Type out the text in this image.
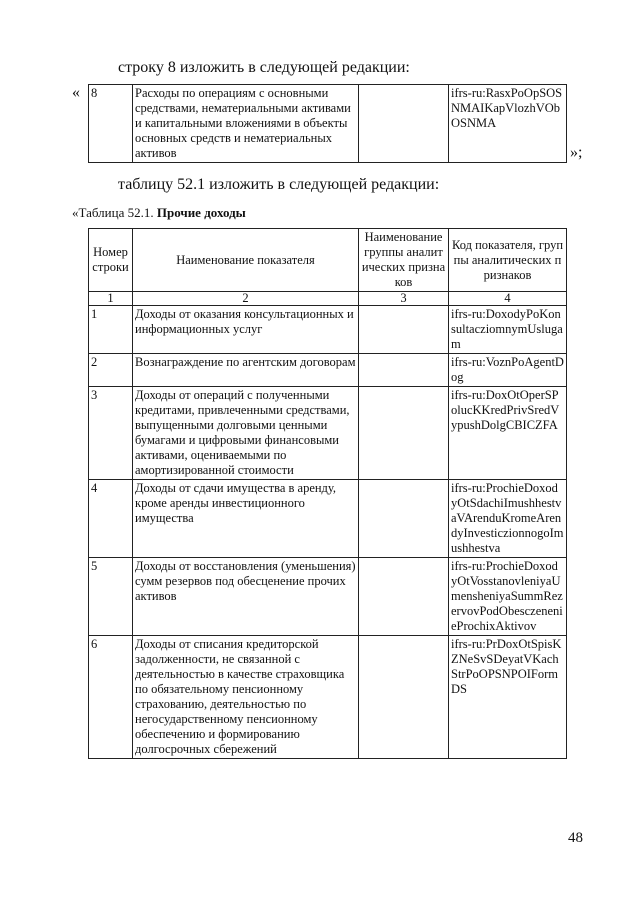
строку 8 изложить в следующей редакции:
« 8	Расходы по операциям с основными средствами, нематериальными активами и капитальными вложениями в объекты основных средств и нематериальных активов		ifrs-ru:RasxPoOpSOSNMAIKapVlozhVObOSNMA
»;
таблицу 52.1 изложить в следующей редакции:
«Таблица 52.1. Прочие доходы
Номер строки	Наименование показателя	Наименование группы аналитических признаков	Код показателя, группы аналитических признаков
1	2	3	4
1	Доходы от оказания консультационных и информационных услуг		ifrs-ru:DoxodyPoKonsultacziomnymUslugam
2	Вознаграждение по агентским договорам		ifrs-ru:VoznPoAgentDog
3	Доходы от операций с полученными кредитами, привлеченными средствами, выпущенными долговыми ценными бумагами и цифровыми финансовыми активами, оцениваемыми по амортизированной стоимости		ifrs-ru:DoxOtOperSPolucKKredPrivSredVypushDolgCBICZFA
4	Доходы от сдачи имущества в аренду, кроме аренды инвестиционного имущества		ifrs-ru:ProchieDoxodyOtSdachiImushhestvaVArenduKromeArendyInvesticzionnogoImushhestva
5	Доходы от восстановления (уменьшения) сумм резервов под обесценение прочих активов		ifrs-ru:ProchieDoxodyOtVosstanovleniyaUmensheniyaSummRezervovPodObesczenenieProchixAktivov
6	Доходы от списания кредиторской задолженности, не связанной с деятельностью в качестве страховщика по обязательному пенсионному страхованию, деятельностью по негосударственному пенсионному обеспечению и формированию долгосрочных сбережений		ifrs-ru:PrDoxOtSpisKZNeSvSDeyatVKachStrPoOPSNPOIFormDS
48
